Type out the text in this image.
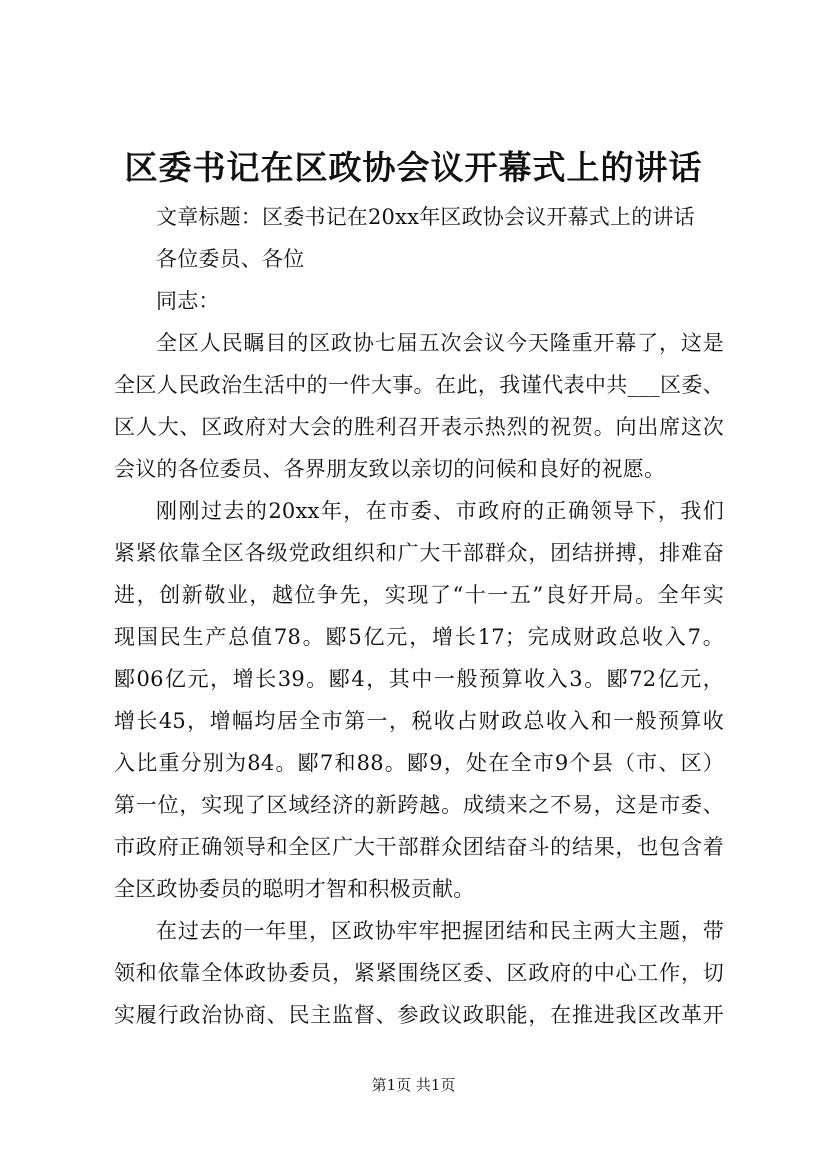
区委书记在区政协会议开幕式上的讲话
文章标题：区委书记在20xx年区政协会议开幕式上的讲话
各位委员、各位
同志：
全区人民瞩目的区政协七届五次会议今天隆重开幕了，这是
全区人民政治生活中的一件大事。在此，我谨代表中共___区委、
区人大、区政府对大会的胜利召开表示热烈的祝贺。向出席这次
会议的各位委员、各界朋友致以亲切的问候和良好的祝愿。
刚刚过去的20xx年，在市委、市政府的正确领导下，我们
紧紧依靠全区各级党政组织和广大干部群众，团结拼搏，排难奋
进，创新敬业，越位争先，实现了“十一五”良好开局。全年实
现国民生产总值78。郾5亿元，增长17；完成财政总收入7。
郾06亿元，增长39。郾4，其中一般预算收入3。郾72亿元，
增长45，增幅均居全市第一，税收占财政总收入和一般预算收
入比重分别为84。郾7和88。郾9，处在全市9个县（市、区）
第一位，实现了区域经济的新跨越。成绩来之不易，这是市委、
市政府正确领导和全区广大干部群众团结奋斗的结果，也包含着
全区政协委员的聪明才智和积极贡献。
在过去的一年里，区政协牢牢把握团结和民主两大主题，带
领和依靠全体政协委员，紧紧围绕区委、区政府的中心工作，切
实履行政治协商、民主监督、参政议政职能，在推进我区改革开
第1页 共1页
